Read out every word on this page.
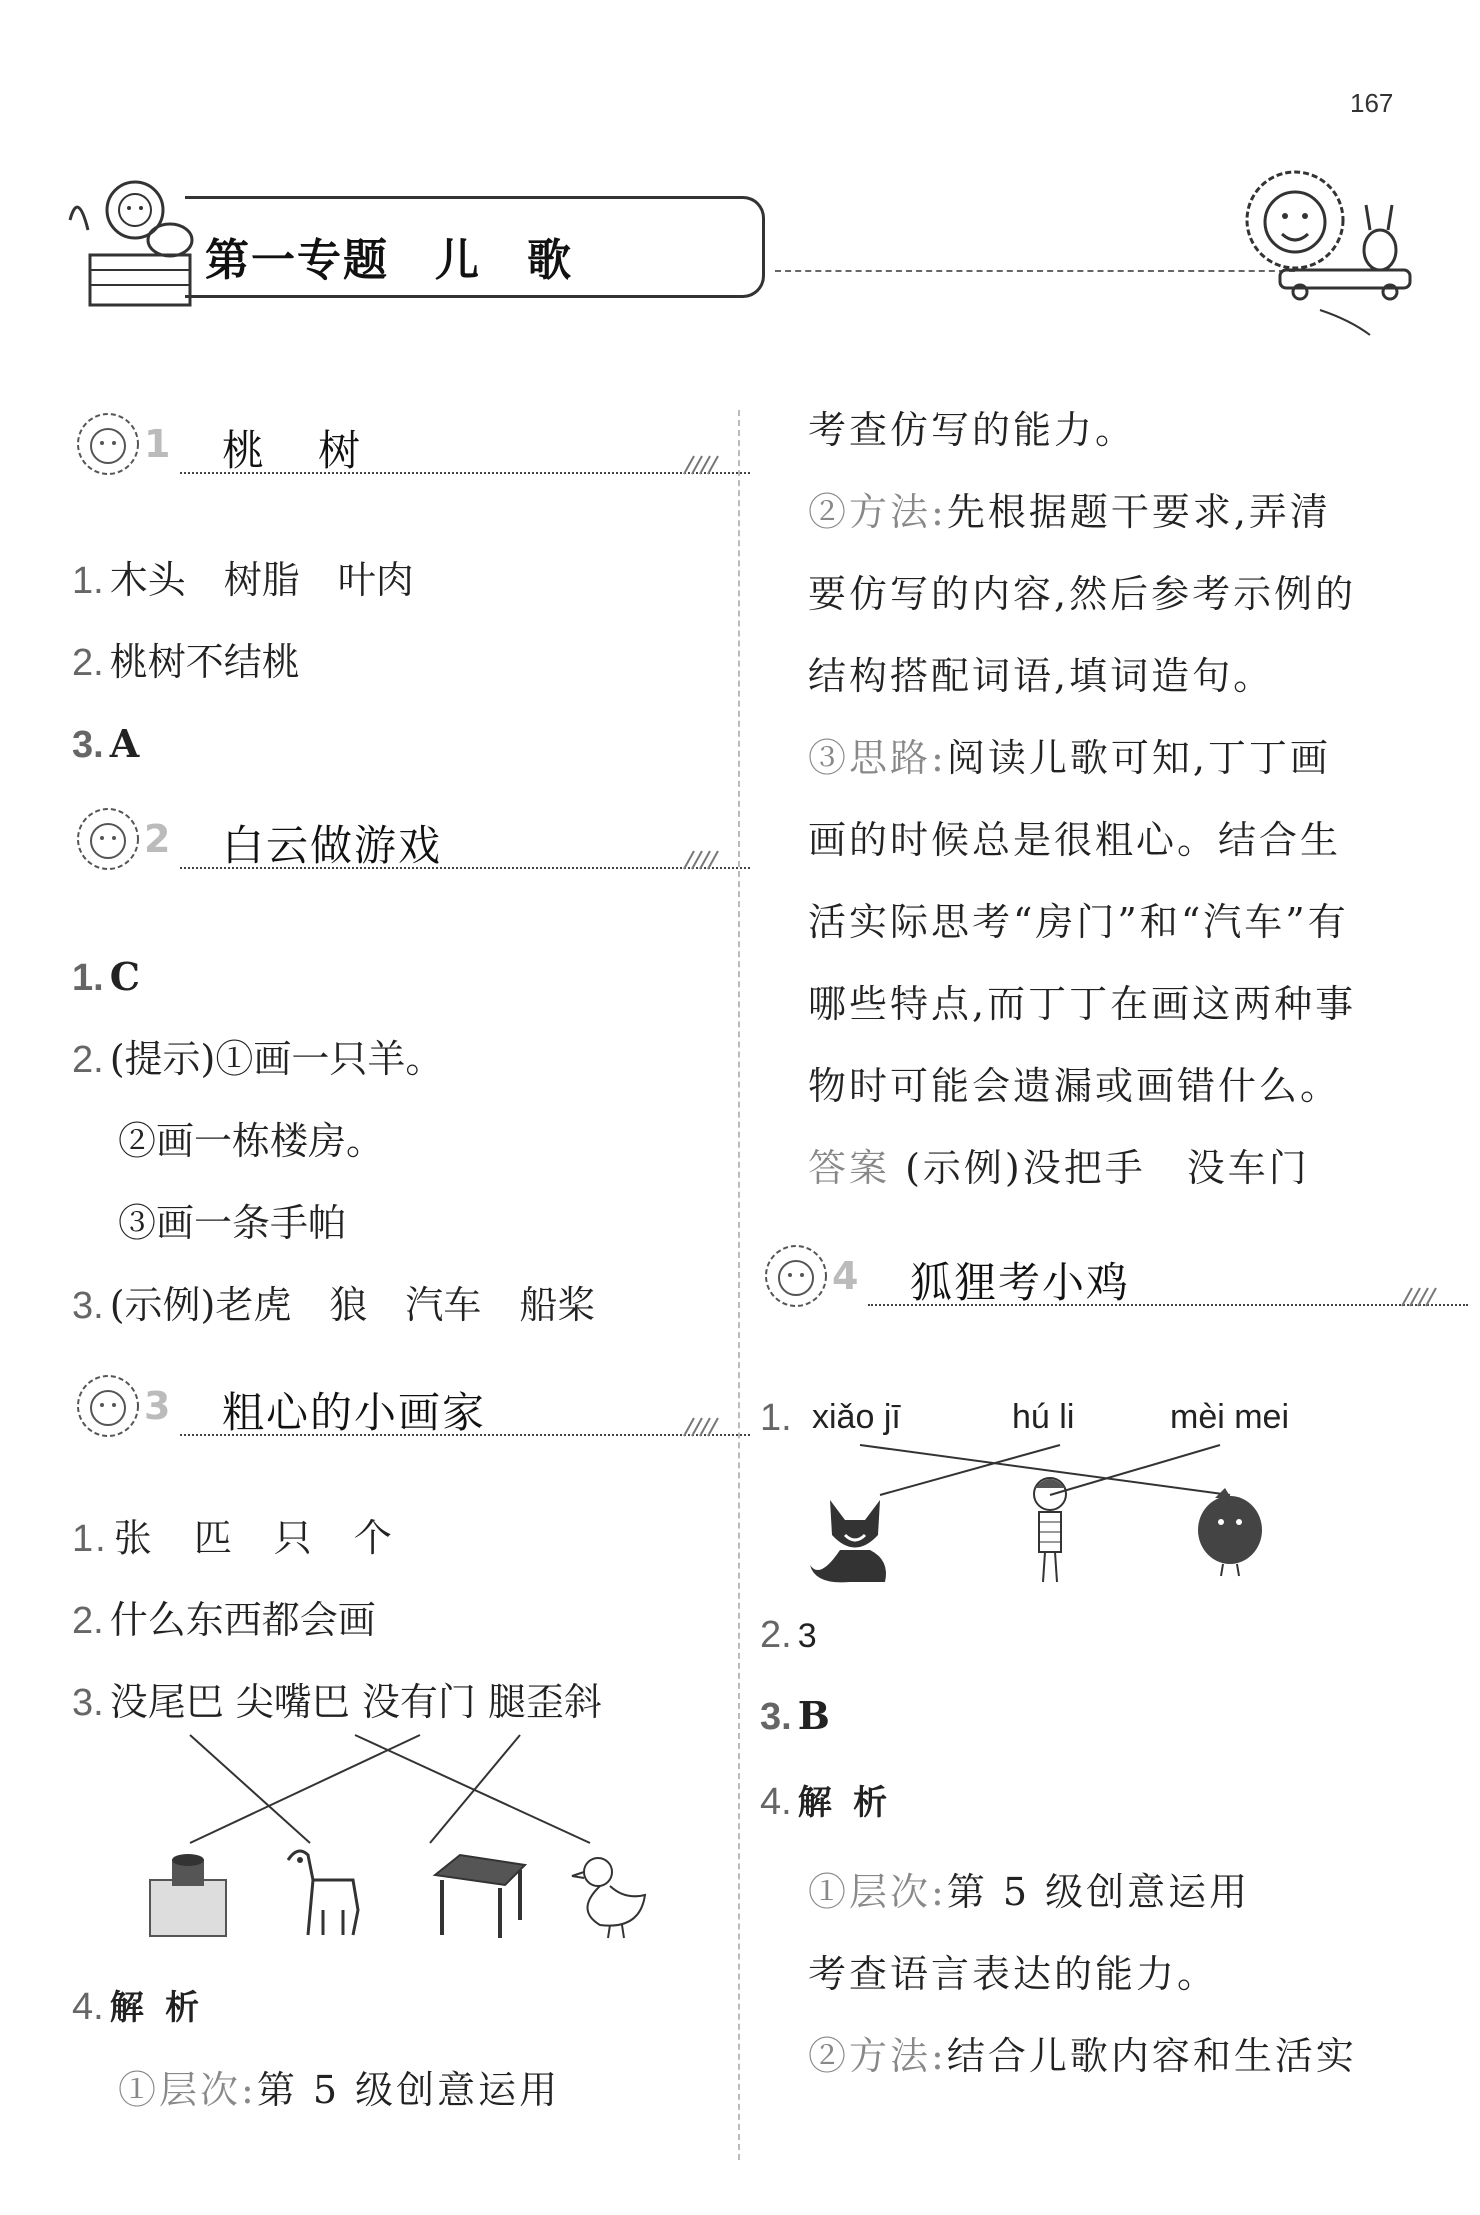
167
第一专题　儿　歌
1 桃　树
1. 木头　树脂　叶肉
2. 桃树不结桃
3. A
2 白云做游戏
1. C
2. (提示)①画一只羊。
②画一栋楼房。
③画一条手帕
3. (示例)老虎　狼　汽车　船桨
3 粗心的小画家
1. 张　匹　只　个
2. 什么东西都会画
3. 没尾巴 尖嘴巴 没有门 腿歪斜
4. 解 析
①层次:第 5 级创意运用
考查仿写的能力。
②方法:先根据题干要求,弄清
要仿写的内容,然后参考示例的
结构搭配词语,填词造句。
③思路:阅读儿歌可知,丁丁画
画的时候总是很粗心。结合生
活实际思考“房门”和“汽车”有
哪些特点,而丁丁在画这两种事
物时可能会遗漏或画错什么。
答案 (示例)没把手　没车门
4 狐狸考小鸡
1. xiǎo jī	hú li	mèi mei
2. 3
3. B
4. 解 析
①层次:第 5 级创意运用
考查语言表达的能力。
②方法:结合儿歌内容和生活实
